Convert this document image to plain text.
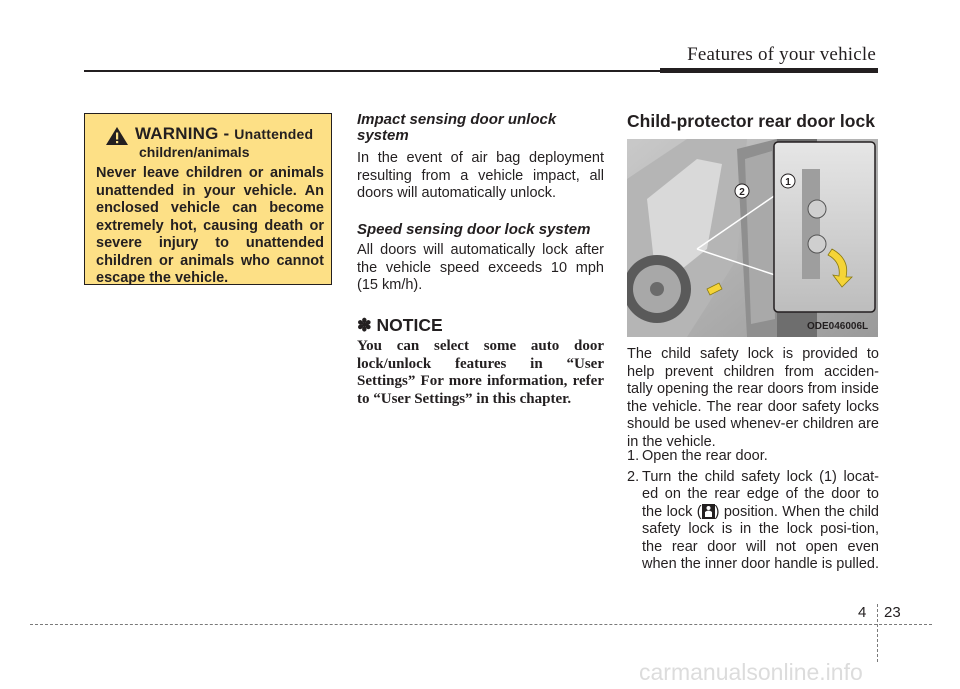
Features of your vehicle
WARNING - Unattended
children/animals
Never leave children or animals unattended in your vehicle. An enclosed vehicle can become extremely hot, causing death or severe injury to unattended children or animals who cannot escape the vehicle.
Impact sensing door unlock system
In the event of air bag deployment resulting from a vehicle impact, all doors will automatically unlock.
Speed sensing door lock system
All doors will automatically lock after the vehicle speed exceeds 10 mph (15 km/h).
✽ NOTICE
You can select some auto door lock/unlock features in “User Settings” For more information, refer to “User Settings” in this chapter.
Child-protector rear door lock
2
1
ODE046006L
The child safety lock is provided to help prevent children from acciden-tally opening the rear doors from inside the vehicle. The rear door safety locks should be used whenev-er children are in the vehicle.
1. Open the rear door.
2. Turn the child safety lock (1) locat-ed on the rear edge of the door to the lock ( ) position. When the child safety lock is in the lock posi-tion, the rear door will not open even when the inner door handle is pulled.
4 23
carmanualsonline.info
